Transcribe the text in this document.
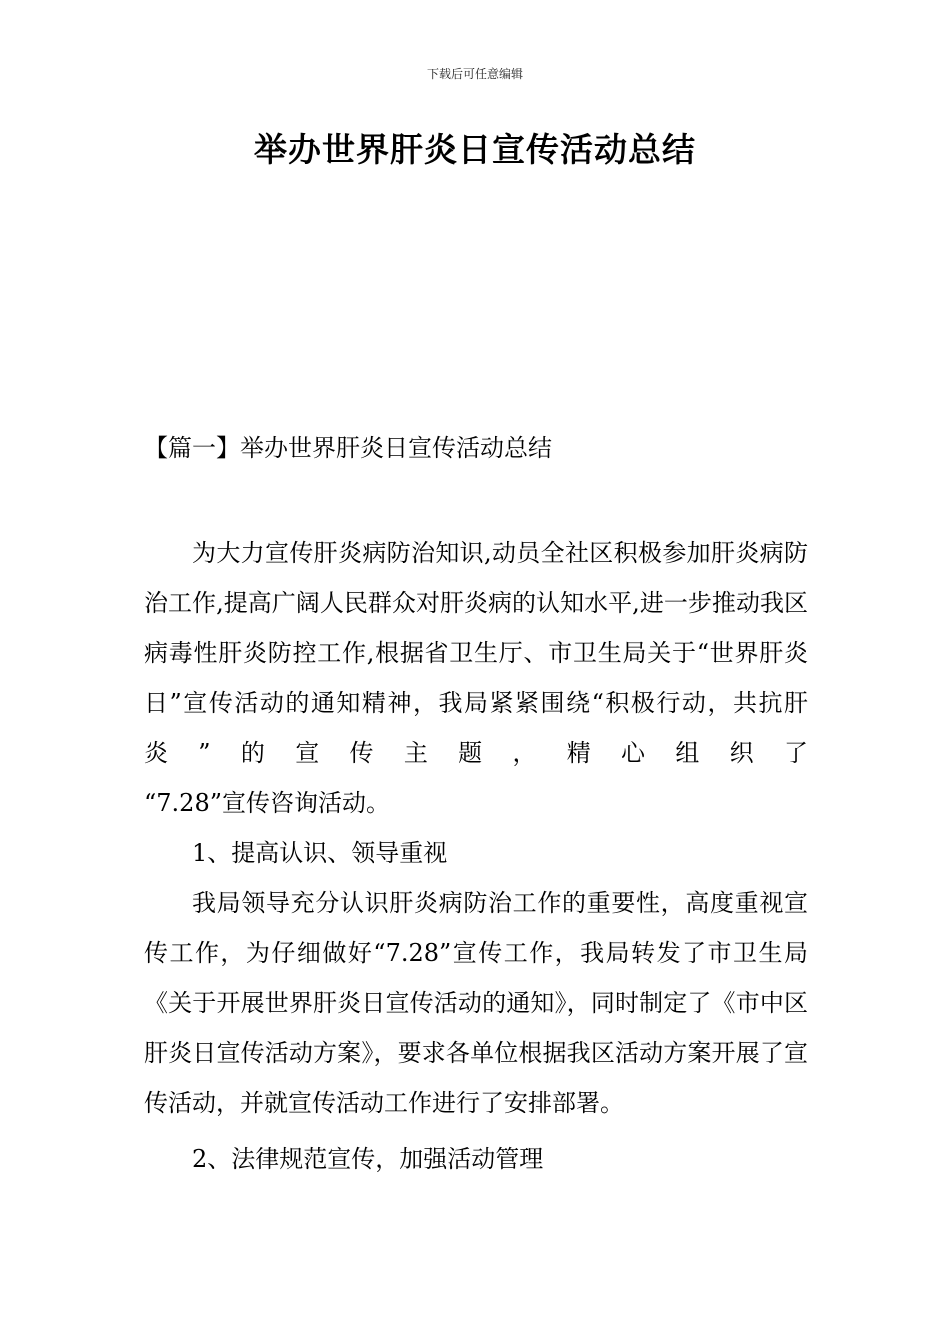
下载后可任意编辑
举办世界肝炎日宣传活动总结
【篇一】举办世界肝炎日宣传活动总结

为大力宣传肝炎病防治知识,动员全社区积极参加肝炎病防治工作,提高广阔人民群众对肝炎病的认知水平,进一步推动我区病毒性肝炎防控工作,根据省卫生厅、市卫生局关于“世界肝炎日”宣传活动的通知精神，我局紧紧围绕“积极行动，共抗肝炎”的宣传主题，精心组织了

“7.28”宣传咨询活动。

1、提高认识、领导重视

我局领导充分认识肝炎病防治工作的重要性，高度重视宣传工作，为仔细做好“7.28”宣传工作，我局转发了市卫生局《关于开展世界肝炎日宣传活动的通知》，同时制定了《市中区肝炎日宣传活动方案》，要求各单位根据我区活动方案开展了宣传活动，并就宣传活动工作进行了安排部署。

2、法律规范宣传，加强活动管理
